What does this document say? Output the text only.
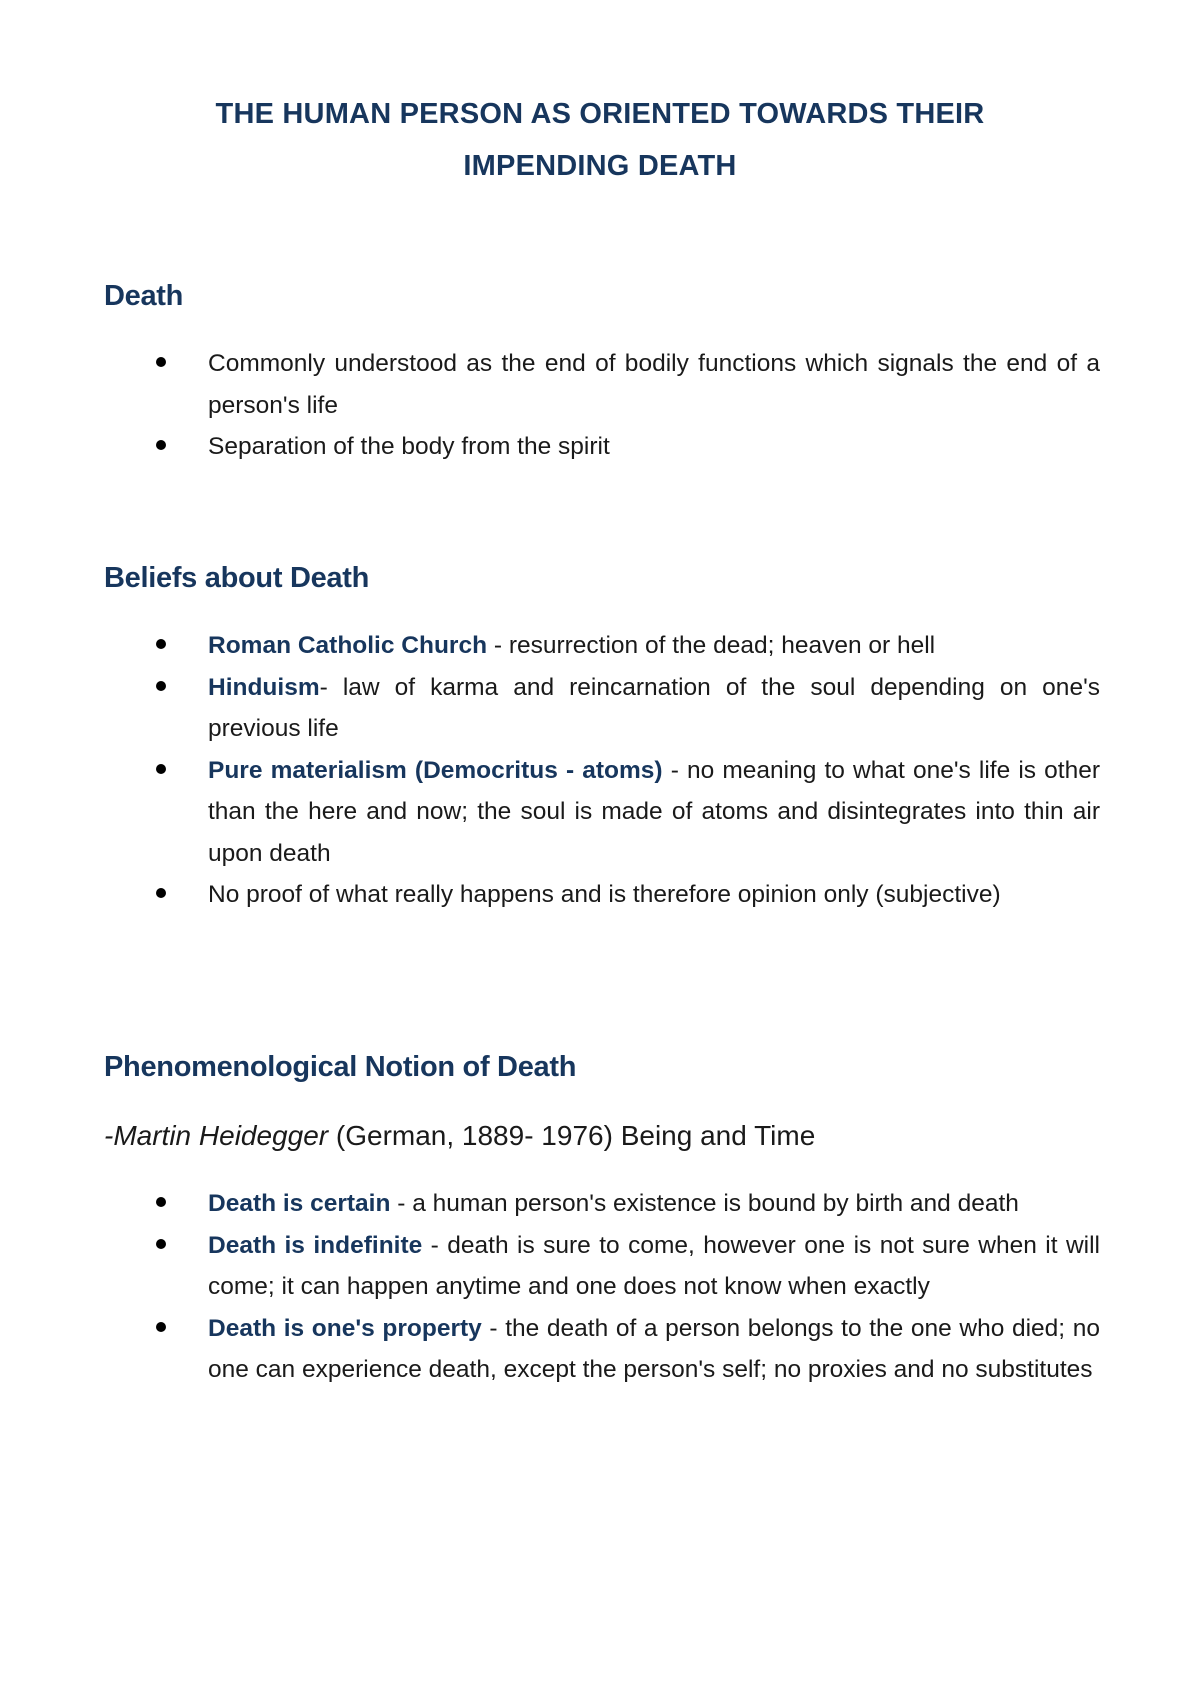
THE HUMAN PERSON AS ORIENTED TOWARDS THEIR
IMPENDING DEATH
Death
Commonly understood as the end of bodily functions which signals the end of a person's life
Separation of the body from the spirit
Beliefs about Death
Roman Catholic Church - resurrection of the dead; heaven or hell
Hinduism- law of karma and reincarnation of the soul depending on one's previous life
Pure materialism (Democritus - atoms) - no meaning to what one's life is other than the here and now; the soul is made of atoms and disintegrates into thin air upon death
No proof of what really happens and is therefore opinion only (subjective)
Phenomenological Notion of Death
-Martin Heidegger (German, 1889- 1976) Being and Time
Death is certain - a human person's existence is bound by birth and death
Death is indefinite - death is sure to come, however one is not sure when it will come; it can happen anytime and one does not know when exactly
Death is one's property - the death of a person belongs to the one who died; no one can experience death, except the person's self; no proxies and no substitutes
